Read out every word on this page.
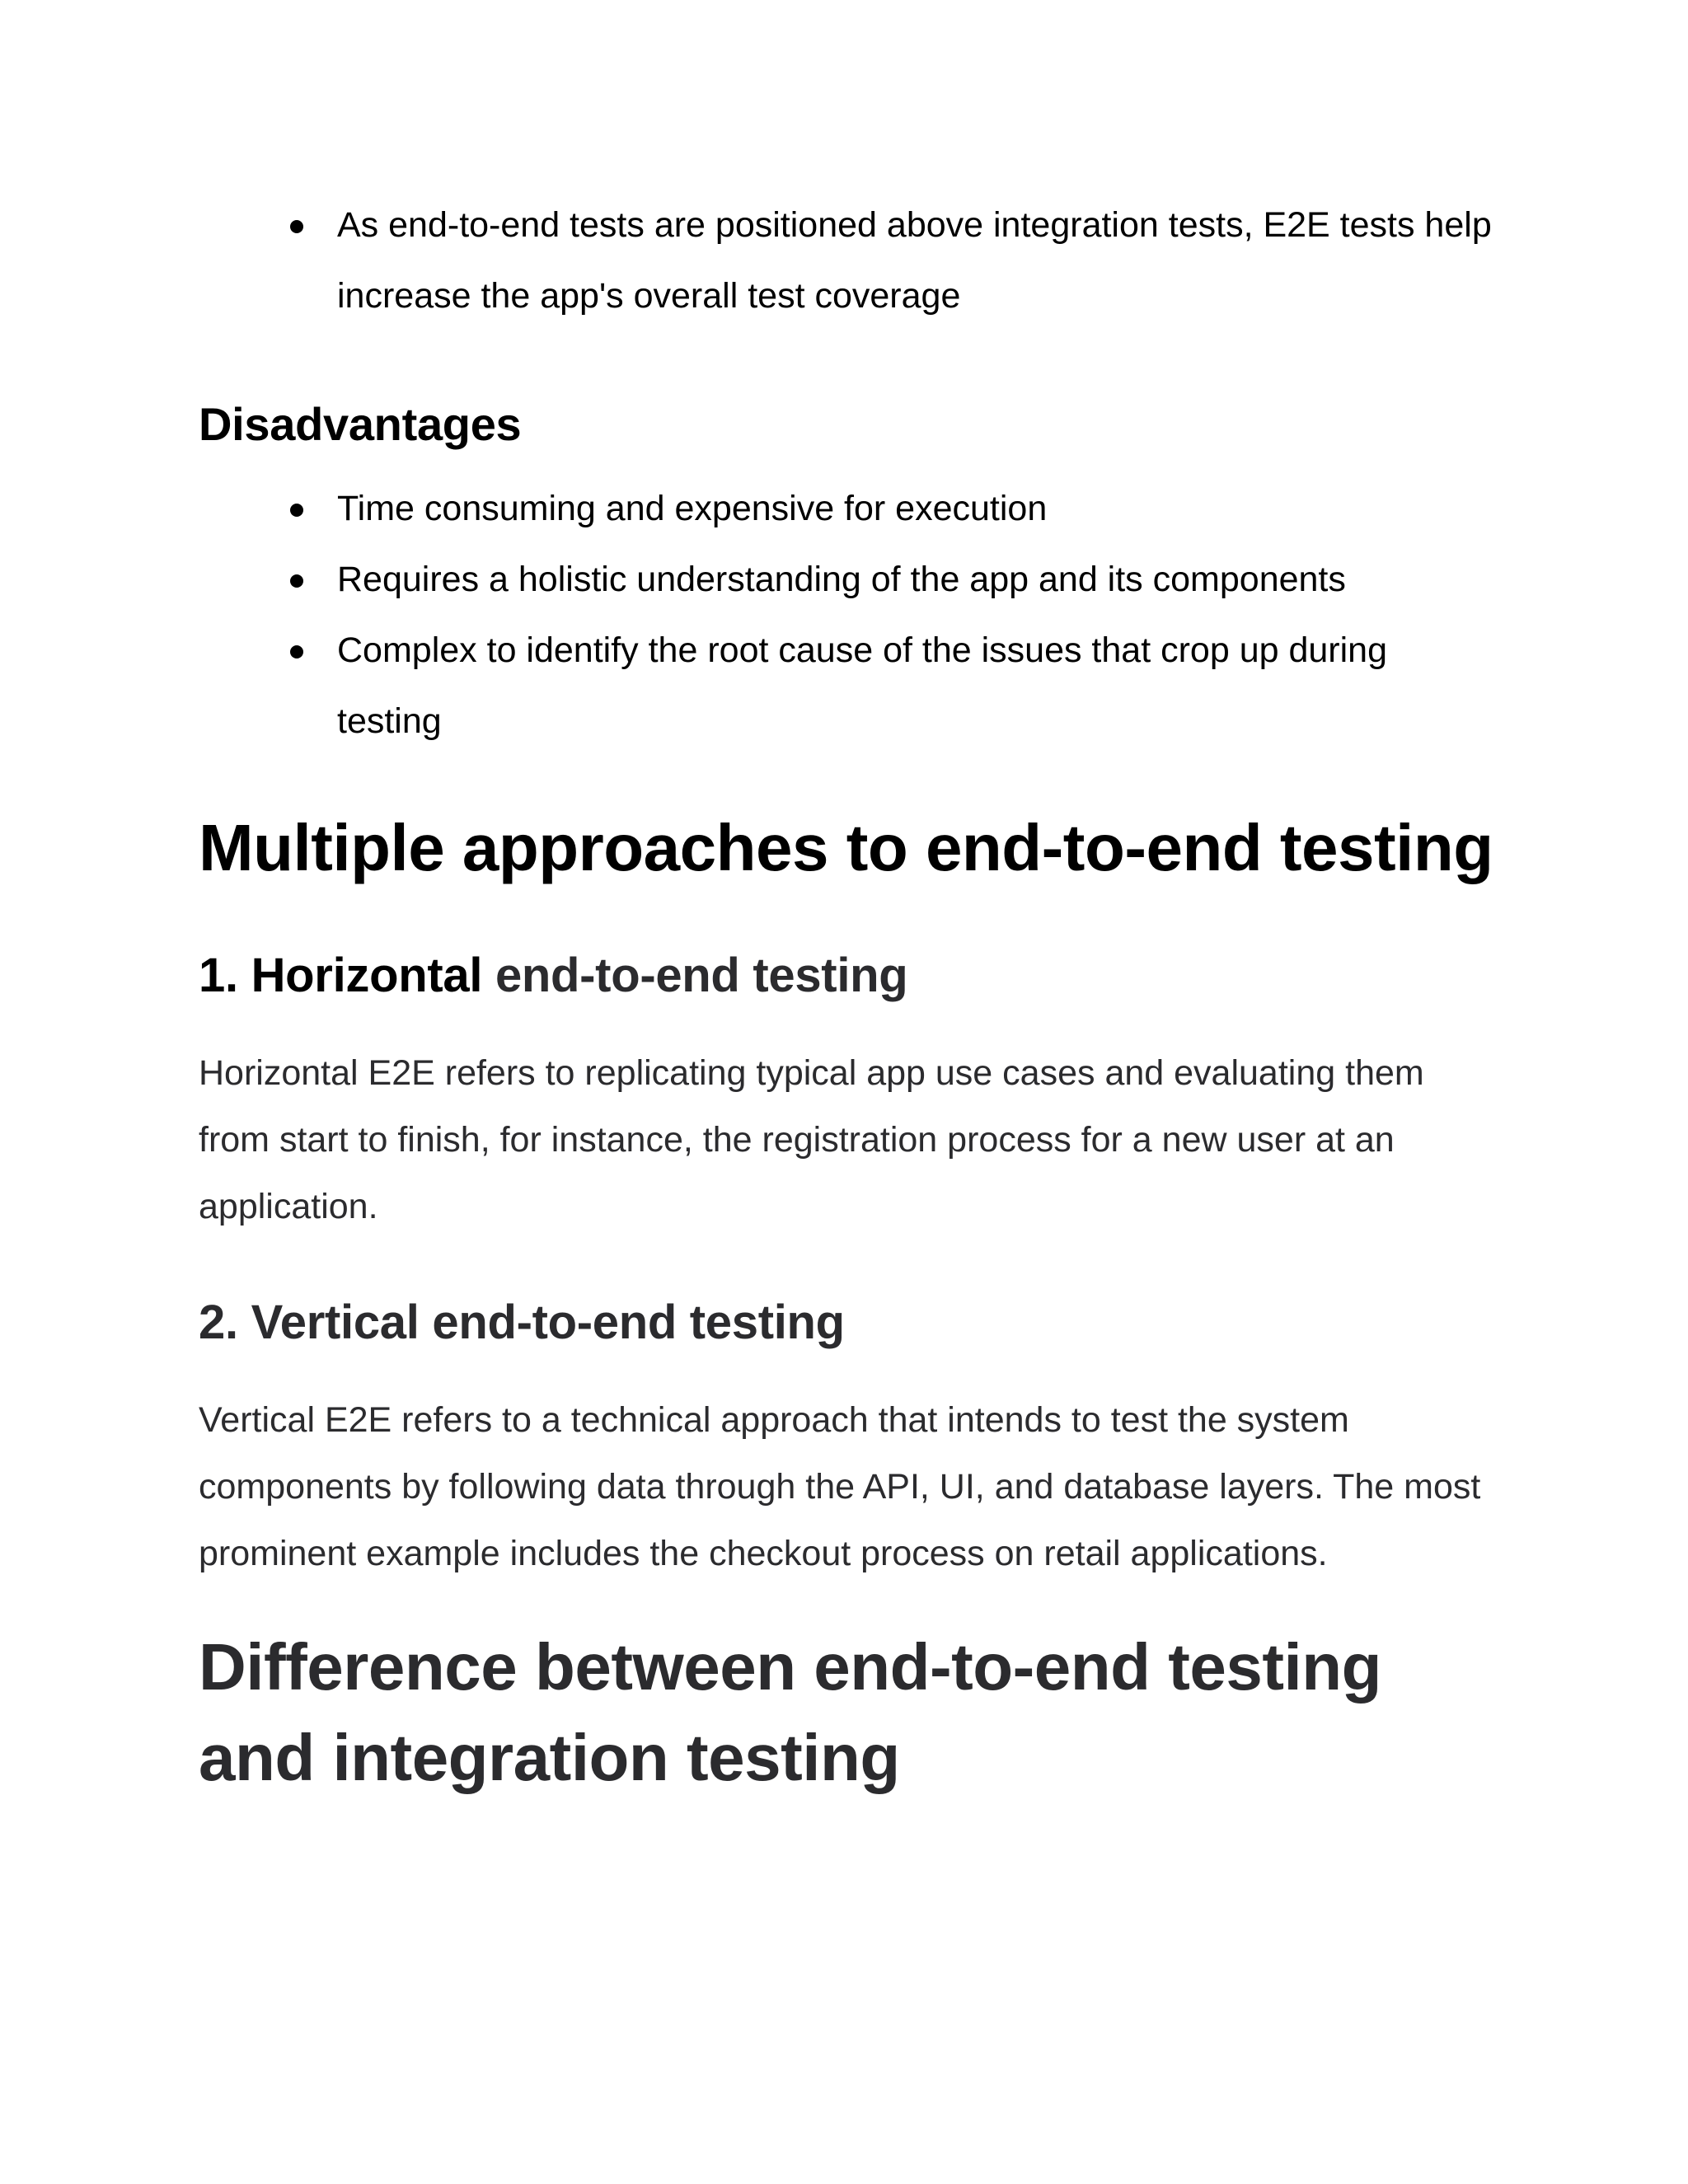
As end-to-end tests are positioned above integration tests, E2E tests help increase the app's overall test coverage
Disadvantages
Time consuming and expensive for execution
Requires a holistic understanding of the app and its components
Complex to identify the root cause of the issues that crop up during testing
Multiple approaches to end-to-end testing
1. Horizontal end-to-end testing

Horizontal E2E refers to replicating typical app use cases and evaluating them from start to finish, for instance, the registration process for a new user at an application.

2. Vertical end-to-end testing

Vertical E2E refers to a technical approach that intends to test the system components by following data through the API, UI, and database layers. The most prominent example includes the checkout process on retail applications.

Difference between end-to-end testing and integration testing
